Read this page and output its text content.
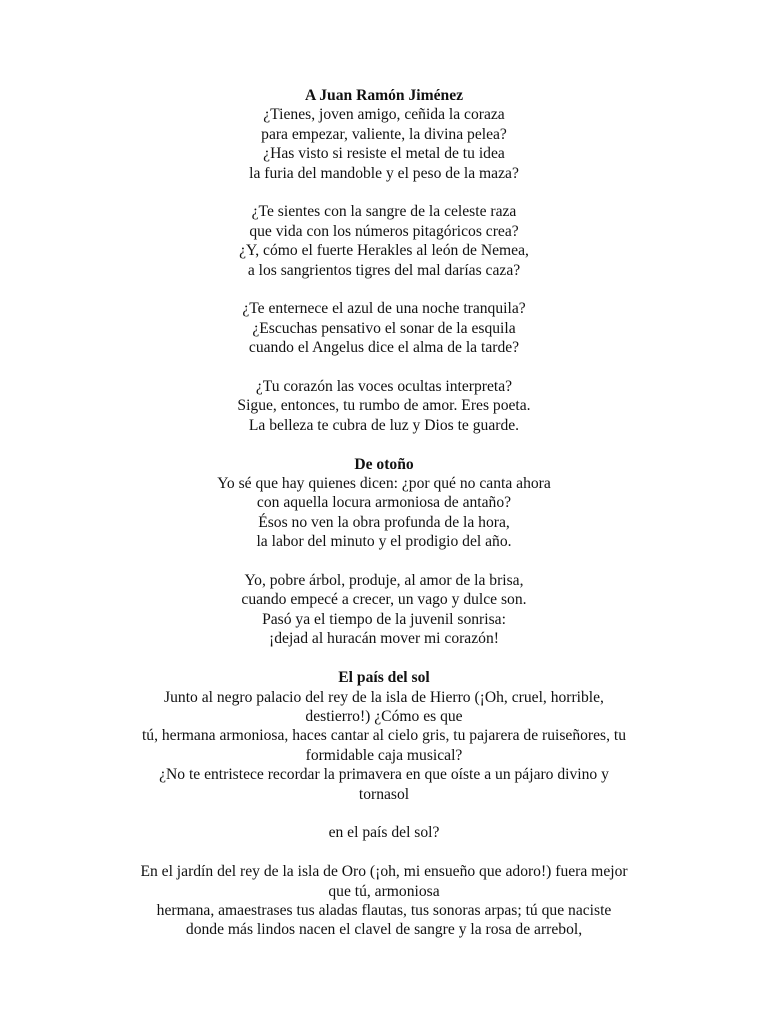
A Juan Ramón Jiménez
¿Tienes, joven amigo, ceñida la coraza
para empezar, valiente, la divina pelea?
¿Has visto si resiste el metal de tu idea
la furia del mandoble y el peso de la maza?
¿Te sientes con la sangre de la celeste raza
que vida con los números pitagóricos crea?
¿Y, cómo el fuerte Herakles al león de Nemea,
a los sangrientos tigres del mal darías caza?
¿Te enternece el azul de una noche tranquila?
¿Escuchas pensativo el sonar de la esquila
cuando el Angelus dice el alma de la tarde?
¿Tu corazón las voces ocultas interpreta?
Sigue, entonces, tu rumbo de amor. Eres poeta.
La belleza te cubra de luz y Dios te guarde.
De otoño
Yo sé que hay quienes dicen: ¿por qué no canta ahora
con aquella locura armoniosa de antaño?
Ésos no ven la obra profunda de la hora,
la labor del minuto y el prodigio del año.
Yo, pobre árbol, produje, al amor de la brisa,
cuando empecé a crecer, un vago y dulce son.
Pasó ya el tiempo de la juvenil sonrisa:
¡dejad al huracán mover mi corazón!
El país del sol
Junto al negro palacio del rey de la isla de Hierro (¡Oh, cruel, horrible,
destierro!) ¿Cómo es que
tú, hermana armoniosa, haces cantar al cielo gris, tu pajarera de ruiseñores, tu
formidable caja musical?
¿No te entristece recordar la primavera en que oíste a un pájaro divino y
tornasol
en el país del sol?
En el jardín del rey de la isla de Oro (¡oh, mi ensueño que adoro!) fuera mejor
que tú, armoniosa
hermana, amaestrases tus aladas flautas, tus sonoras arpas; tú que naciste
donde más lindos nacen el clavel de sangre y la rosa de arrebol,
